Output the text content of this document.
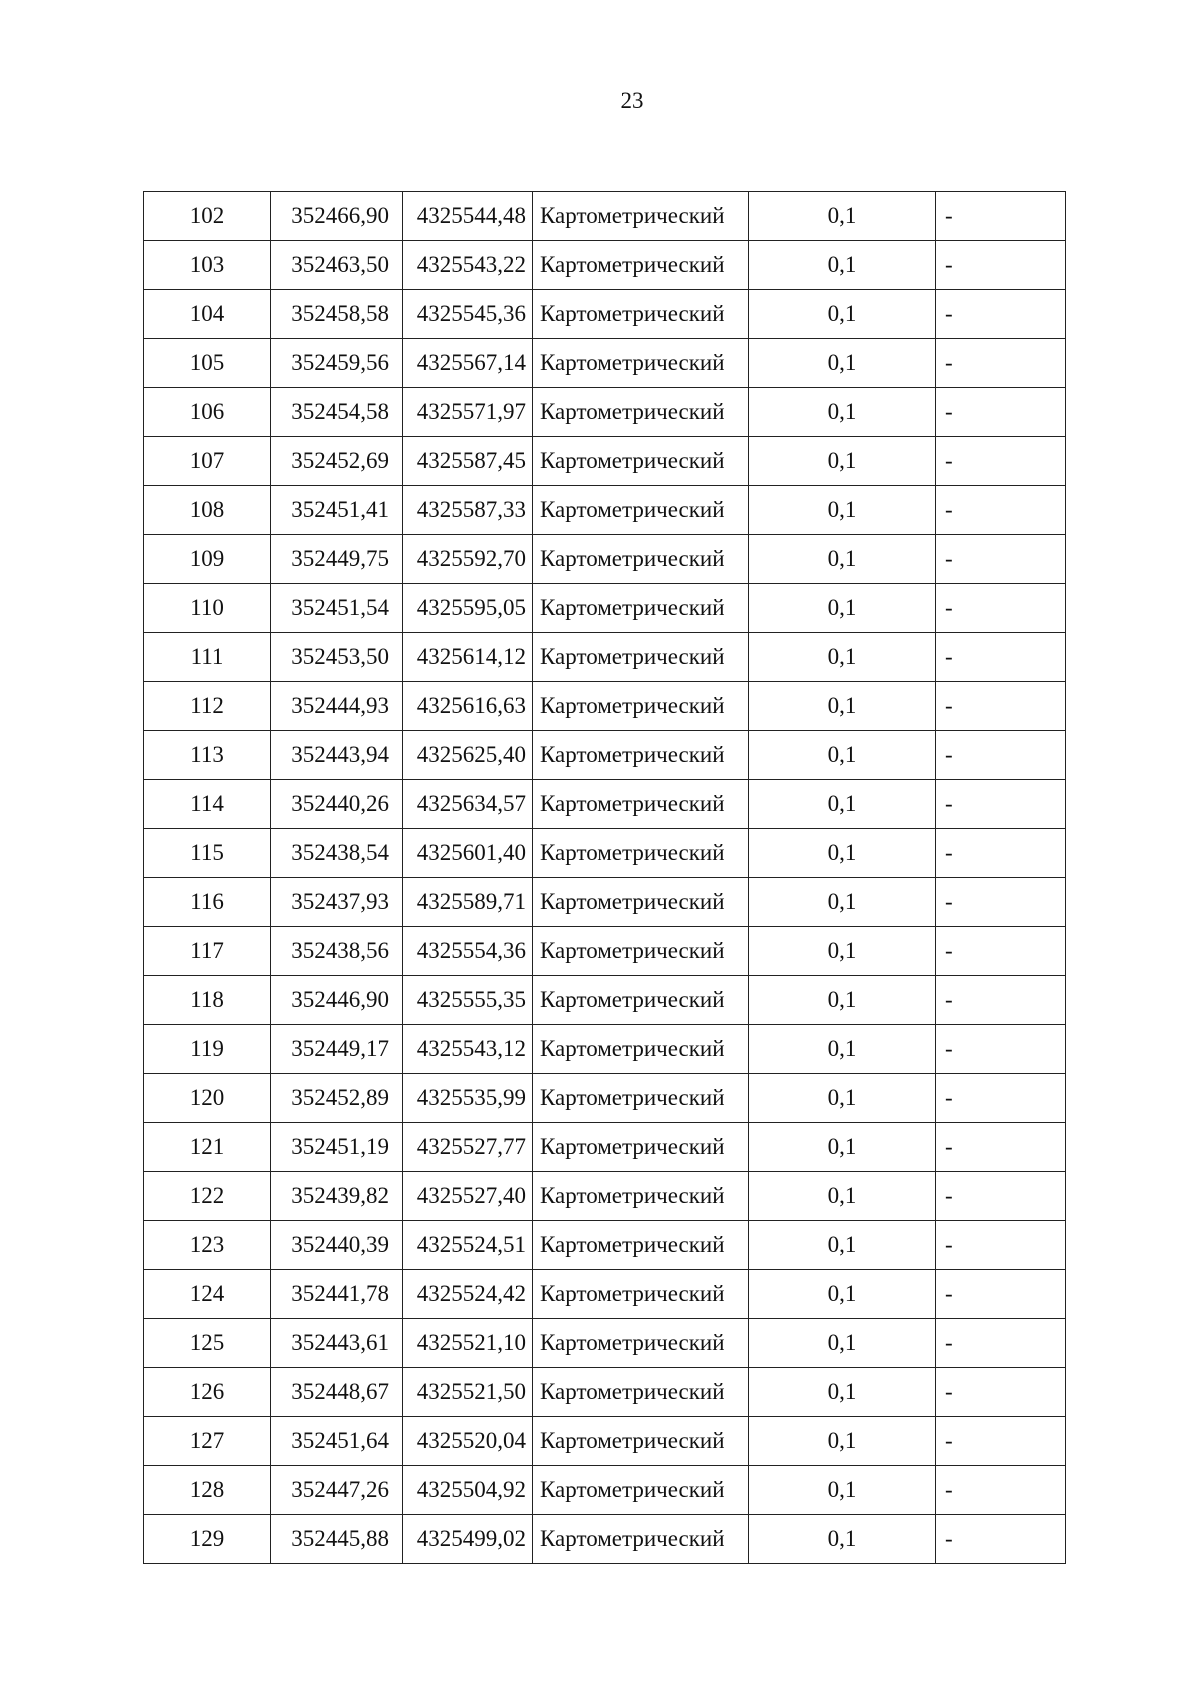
23
102	352466,90	4325544,48	Картометрический	0,1	-
103	352463,50	4325543,22	Картометрический	0,1	-
104	352458,58	4325545,36	Картометрический	0,1	-
105	352459,56	4325567,14	Картометрический	0,1	-
106	352454,58	4325571,97	Картометрический	0,1	-
107	352452,69	4325587,45	Картометрический	0,1	-
108	352451,41	4325587,33	Картометрический	0,1	-
109	352449,75	4325592,70	Картометрический	0,1	-
110	352451,54	4325595,05	Картометрический	0,1	-
111	352453,50	4325614,12	Картометрический	0,1	-
112	352444,93	4325616,63	Картометрический	0,1	-
113	352443,94	4325625,40	Картометрический	0,1	-
114	352440,26	4325634,57	Картометрический	0,1	-
115	352438,54	4325601,40	Картометрический	0,1	-
116	352437,93	4325589,71	Картометрический	0,1	-
117	352438,56	4325554,36	Картометрический	0,1	-
118	352446,90	4325555,35	Картометрический	0,1	-
119	352449,17	4325543,12	Картометрический	0,1	-
120	352452,89	4325535,99	Картометрический	0,1	-
121	352451,19	4325527,77	Картометрический	0,1	-
122	352439,82	4325527,40	Картометрический	0,1	-
123	352440,39	4325524,51	Картометрический	0,1	-
124	352441,78	4325524,42	Картометрический	0,1	-
125	352443,61	4325521,10	Картометрический	0,1	-
126	352448,67	4325521,50	Картометрический	0,1	-
127	352451,64	4325520,04	Картометрический	0,1	-
128	352447,26	4325504,92	Картометрический	0,1	-
129	352445,88	4325499,02	Картометрический	0,1	-
